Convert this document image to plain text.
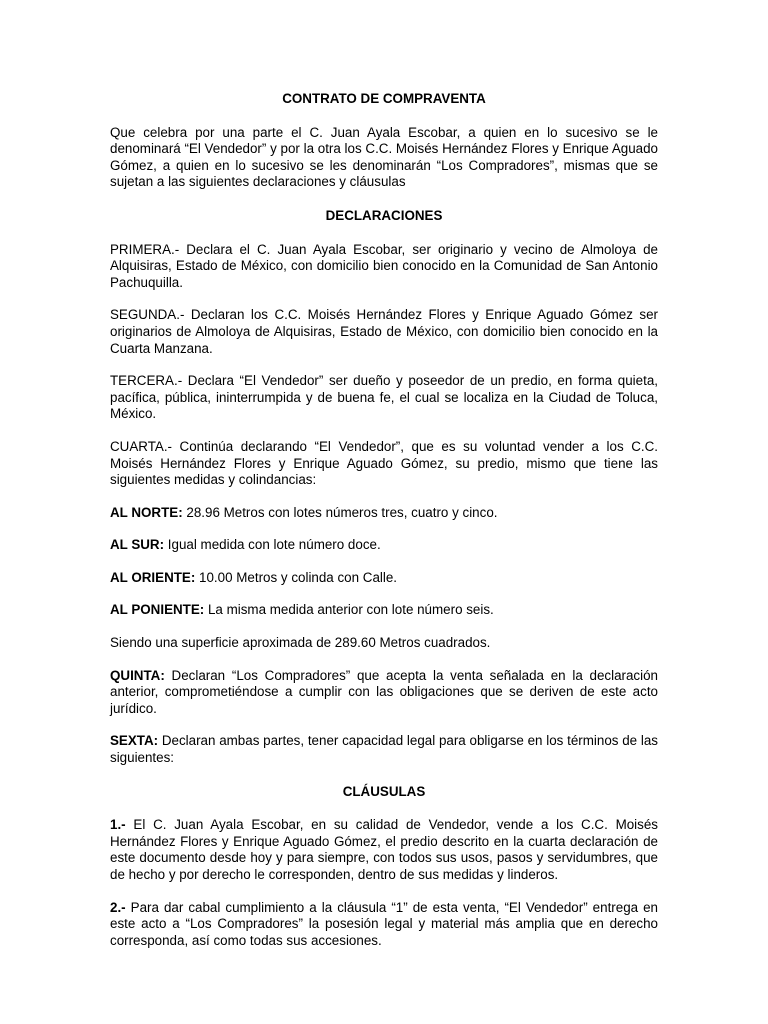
CONTRATO DE COMPRAVENTA

Que celebra por una parte el C. Juan Ayala Escobar, a quien en lo sucesivo se le denominará “El Vendedor” y por la otra los C.C. Moisés Hernández Flores y Enrique Aguado Gómez, a quien en lo sucesivo se les denominarán “Los Compradores”, mismas que se sujetan a las siguientes declaraciones y cláusulas

DECLARACIONES

PRIMERA.- Declara el C. Juan Ayala Escobar, ser originario y vecino de Almoloya de Alquisiras, Estado de México, con domicilio bien conocido en la Comunidad de San Antonio Pachuquilla.

SEGUNDA.- Declaran los C.C. Moisés Hernández Flores y Enrique Aguado Gómez ser originarios de Almoloya de Alquisiras, Estado de México, con domicilio bien conocido en la Cuarta Manzana.

TERCERA.- Declara “El Vendedor” ser dueño y poseedor de un predio, en forma quieta, pacífica, pública, ininterrumpida y de buena fe, el cual se localiza en la Ciudad de Toluca, México.

CUARTA.- Continúa declarando “El Vendedor”, que es su voluntad vender a los C.C. Moisés Hernández Flores y Enrique Aguado Gómez, su predio, mismo que tiene las siguientes medidas y colindancias:

AL NORTE: 28.96 Metros con lotes números tres, cuatro y cinco.

AL SUR: Igual medida con lote número doce.

AL ORIENTE: 10.00 Metros y colinda con Calle.

AL PONIENTE: La misma medida anterior con lote número seis.

Siendo una superficie aproximada de 289.60 Metros cuadrados.

QUINTA: Declaran “Los Compradores” que acepta la venta señalada en la declaración anterior, comprometiéndose a cumplir con las obligaciones que se deriven de este acto jurídico.

SEXTA: Declaran ambas partes, tener capacidad legal para obligarse en los términos de las siguientes:

CLÁUSULAS

1.- El C. Juan Ayala Escobar, en su calidad de Vendedor, vende a los C.C. Moisés Hernández Flores y Enrique Aguado Gómez, el predio descrito en la cuarta declaración de este documento desde hoy y para siempre, con todos sus usos, pasos y servidumbres, que de hecho y por derecho le corresponden, dentro de sus medidas y linderos.

2.- Para dar cabal cumplimiento a la cláusula “1” de esta venta, “El Vendedor” entrega en este acto a “Los Compradores” la posesión legal y material más amplia que en derecho corresponda, así como todas sus accesiones.
